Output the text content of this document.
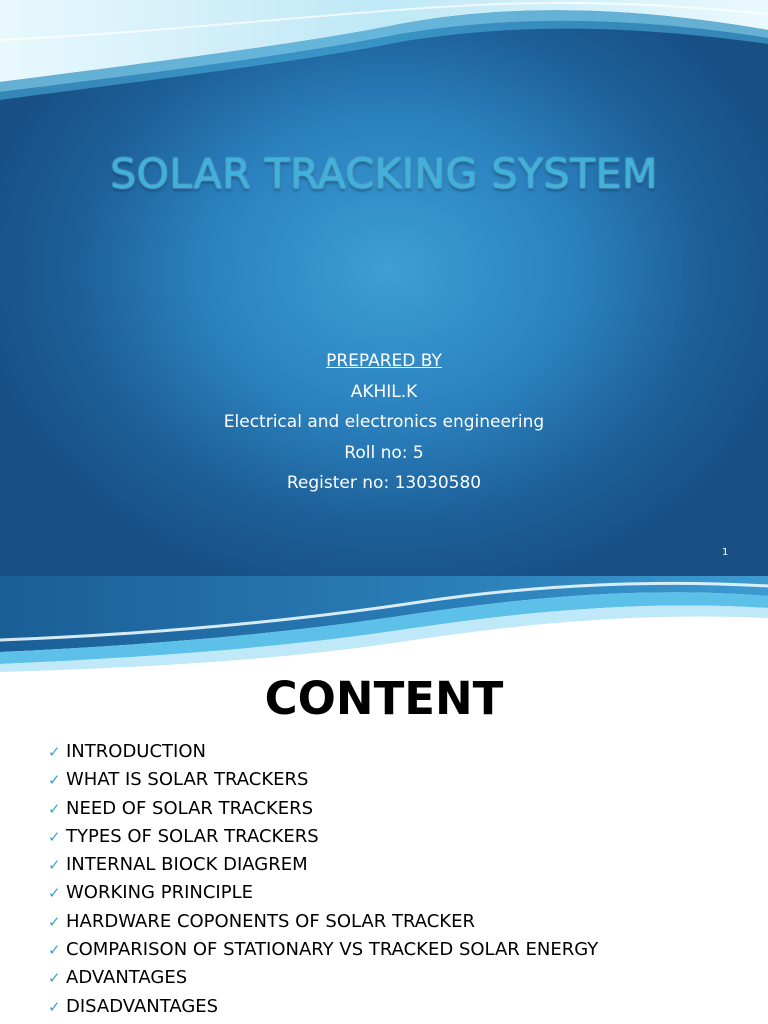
SOLAR TRACKING SYSTEM
PREPARED BY
AKHIL.K
Electrical and electronics engineering
Roll no: 5
Register no: 13030580
1
CONTENT
✓ INTRODUCTION
✓ WHAT IS SOLAR TRACKERS
✓ NEED OF SOLAR TRACKERS
✓ TYPES OF SOLAR TRACKERS
✓ INTERNAL BIOCK DIAGREM
✓ WORKING PRINCIPLE
✓ HARDWARE COPONENTS OF SOLAR TRACKER
✓ COMPARISON OF STATIONARY VS TRACKED SOLAR ENERGY
✓ ADVANTAGES
✓ DISADVANTAGES
